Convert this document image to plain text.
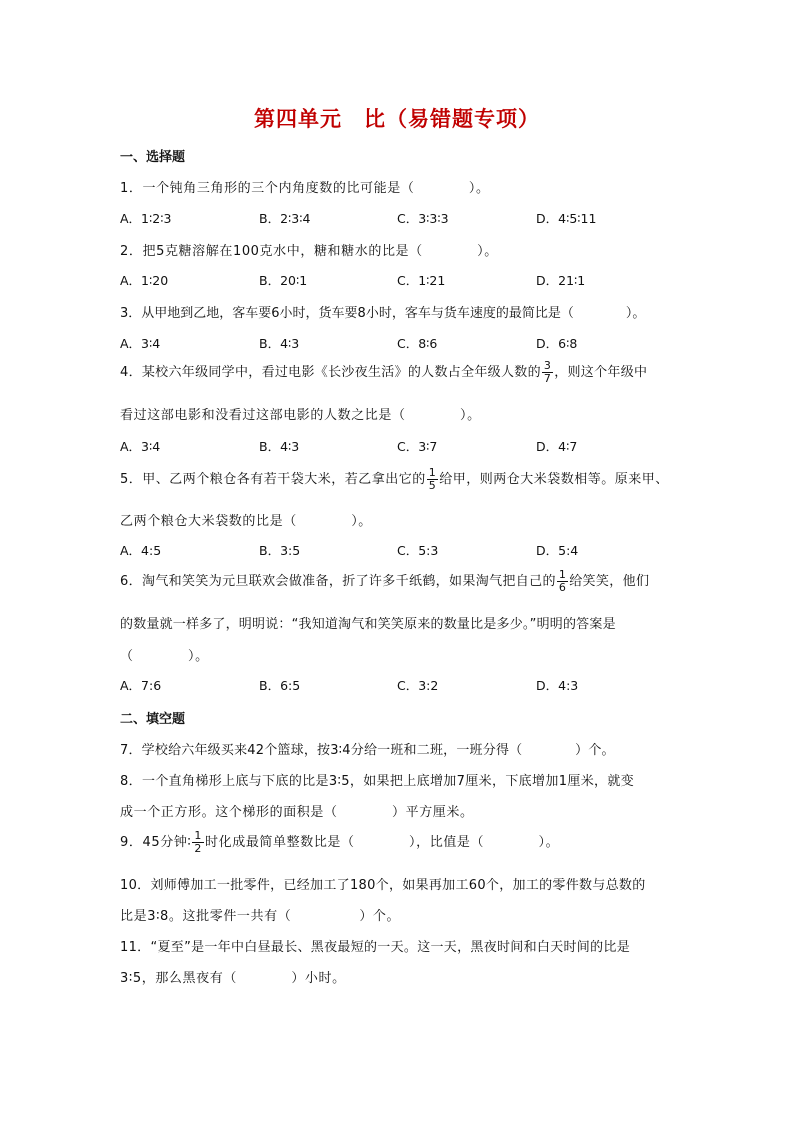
第四单元　比（易错题专项）
一、选择题
1．一个钝角三角形的三个内角度数的比可能是（　　　　）。
A．1∶2∶3	B．2∶3∶4	C．3∶3∶3	D．4∶5∶11
2．把5克糖溶解在100克水中，糖和糖水的比是（　　　　）。
A．1∶20	B．20∶1	C．1∶21	D．21∶1
3．从甲地到乙地，客车要6小时，货车要8小时，客车与货车速度的最简比是（　　　　）。
A．3∶4	B．4∶3	C．8∶6	D．6∶8
4．某校六年级同学中，看过电影《长沙夜生活》的人数占全年级人数的 $\frac{3}{7}$ ，则这个年级中
看过这部电影和没看过这部电影的人数之比是（　　　　）。
A．3∶4	B．4∶3	C．3∶7	D．4∶7
5．甲、乙两个粮仓各有若干袋大米，若乙拿出它的 $\frac{1}{5}$ 给甲，则两仓大米袋数相等。原来甲、
乙两个粮仓大米袋数的比是（　　　　）。
A．4:5	B．3:5	C．5:3	D．5:4
6．淘气和笑笑为元旦联欢会做准备，折了许多千纸鹤，如果淘气把自己的 $\frac{1}{6}$ 给笑笑，他们
的数量就一样多了，明明说：“我知道淘气和笑笑原来的数量比是多少。”明明的答案是
（　　　　）。
A．7:6	B．6:5	C．3:2	D．4:3
二、填空题
7．学校给六年级买来42个篮球，按3∶4分给一班和二班，一班分得（　　　　）个。
8．一个直角梯形上底与下底的比是3∶5，如果把上底增加7厘米，下底增加1厘米，就变
成一个正方形。这个梯形的面积是（　　　　）平方厘米。
9．45分钟∶ $\frac{1}{2}$ 时化成最简单整数比是（　　　　），比值是（　　　　）。
10．刘师傅加工一批零件，已经加工了180个，如果再加工60个，加工的零件数与总数的
比是3∶8。这批零件一共有（　　　　　）个。
11．“夏至”是一年中白昼最长、黑夜最短的一天。这一天，黑夜时间和白天时间的比是
3∶5，那么黑夜有（　　　　）小时。
